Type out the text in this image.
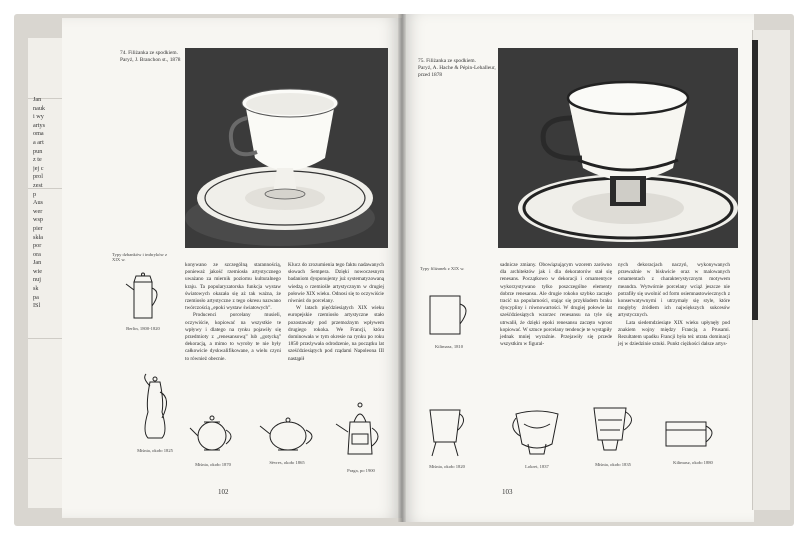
Jan
nauk
i wy
artys
oma
a art
pun
z te
jej c
prol
zest
p
Aus
wer
wsp
pier
skła
por
ora
Jan
wie
nuj
sk
pa
ISl
74. Filiżanka ze spodkiem.
Paryż, J. Branchon st., 1878
Typy dzbanków i imbryków z XIX w.

konywano ze szczególną starannością, ponieważ jakość rzemiosła artystycznego uważano za miernik poziomu kulturalnego kraju. Ta popularyzatorska funkcja wystaw światowych okazała się aż tak ważna, że rzemiosło artystyczne z tego okresu nazwano twórczością „epoki wystaw światowych”.

Producenci porcelany musieli, oczywiście, kopiować na wszystkie te wpływy i dlatego na rynku pojawiły się przedmioty z „renesansową” lub „gotycką” dekoracją, a mimo to wyroby te nie były całkowicie dyskwalifikowane, a wielu czyni to również obecnie.

Klucz do zrozumienia tego faktu nadawanych słowach Sempera. Dzięki nowoczesnym badaniom dysponujemy już systematyzowaną wiedzą o rzemiośle artystycznym w drugiej połowie XIX wieku. Odnosi się to oczywiście również do porcelany.

W latach pięćdziesiątych XIX wieku europejskie rzemiosło artystyczne stało pozostawały pod przemożnym wpływem drugiego rokoka. We Francji, która dominowała w tym okresie na rynku po roku 1850 przeżywała odrodzenie, na początku lat sześćdziesiątych pod rządami Napoleona III nastąpił

Berlin, 1800-1820
Miśnia, około 1825
Miśnia, około 1870	Sèvres, około 1865
Praga, po 1900
102
75. Filiżanka ze spodkiem.
Paryż, A. Hache & Pépin-Lehalleur, przed 1878
Typy filiżanek z XIX w.

sadnicze zmiany. Obowiązującym wzorem zarówno dla architektów jak i dla dekoratorów stał się renesans. Początkowo w dekoracji i ornamentyce wykorzystywano tylko poszczególne elementy dobrze renesansu. Ale drugie rokoko szybko zaczęło tracić na popularności, stając się przykładem braku dyscypliny i równowartości. W drugiej połowie lat sześćdziesiątych wzorzec renesansu na tyle się utrwalił, że dzięki epoki renesansu zaczęto wprost kopiować. W sztuce porcelany tendencje te wystąpiły jednak mniej wyraźnie. Przejawiły się przede wszystkim w figural-

nych dekoracjach naczyń, wykonywanych przeważnie w biskwicie oraz w malowanych ornamentach z charakterystycznym motywem meandra. Wytwórnie porcelany wciąż jeszcze nie potrafiły się uwolnić od form osiemnastowiecznych z konserwatywnymi i utrzymały się style, które mogłyby źródłem ich największych sukcesów artystycznych.

Lata siedemdziesiąte XIX wieku upłynęły pod znakiem wojny między Francją a Prusami. Rezultatem upadku Francji była też utrata dominacji jej w dziedzinie sztuki. Punkt ciężkości dalsze artys-

Kilimasz, 1810
Miśnia, około 1820	Lokret, 1837	Miśnia, około 1835	Kilimasz, około 1880
103
